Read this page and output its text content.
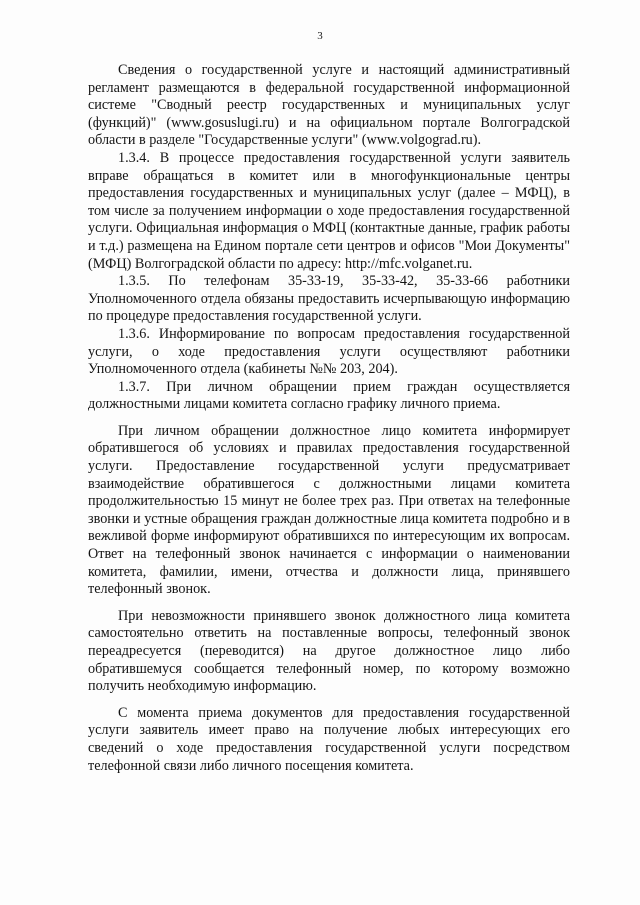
3

Сведения о государственной услуге и настоящий административный регламент размещаются в федеральной государственной информационной системе "Сводный реестр государственных и муниципальных услуг (функций)" (www.gosuslugi.ru) и на официальном портале Волгоградской области в разделе "Государственные услуги" (www.volgograd.ru).

1.3.4. В процессе предоставления государственной услуги заявитель вправе обращаться в комитет или в многофункциональные центры предоставления государственных и муниципальных услуг (далее – МФЦ), в том числе за получением информации о ходе предоставления государственной услуги. Официальная информация о МФЦ (контактные данные, график работы и т.д.) размещена на Едином портале сети центров и офисов "Мои Документы" (МФЦ) Волгоградской области по адресу: http://mfc.volganet.ru.

1.3.5. По телефонам 35-33-19, 35-33-42, 35-33-66 работники Уполномоченного отдела обязаны предоставить исчерпывающую информацию по процедуре предоставления государственной услуги.

1.3.6. Информирование по вопросам предоставления государственной услуги, о ходе предоставления услуги осуществляют работники Уполномоченного отдела (кабинеты №№ 203, 204).

1.3.7. При личном обращении прием граждан осуществляется должностными лицами комитета согласно графику личного приема.

При личном обращении должностное лицо комитета информирует обратившегося об условиях и правилах предоставления государственной услуги. Предоставление государственной услуги предусматривает взаимодействие обратившегося с должностными лицами комитета продолжительностью 15 минут не более трех раз. При ответах на телефонные звонки и устные обращения граждан должностные лица комитета подробно и в вежливой форме информируют обратившихся по интересующим их вопросам. Ответ на телефонный звонок начинается с информации о наименовании комитета, фамилии, имени, отчества и должности лица, принявшего телефонный звонок.

При невозможности принявшего звонок должностного лица комитета самостоятельно ответить на поставленные вопросы, телефонный звонок переадресуется (переводится) на другое должностное лицо либо обратившемуся сообщается телефонный номер, по которому возможно получить необходимую информацию.

С момента приема документов для предоставления государственной услуги заявитель имеет право на получение любых интересующих его сведений о ходе предоставления государственной услуги посредством телефонной связи либо личного посещения комитета.
